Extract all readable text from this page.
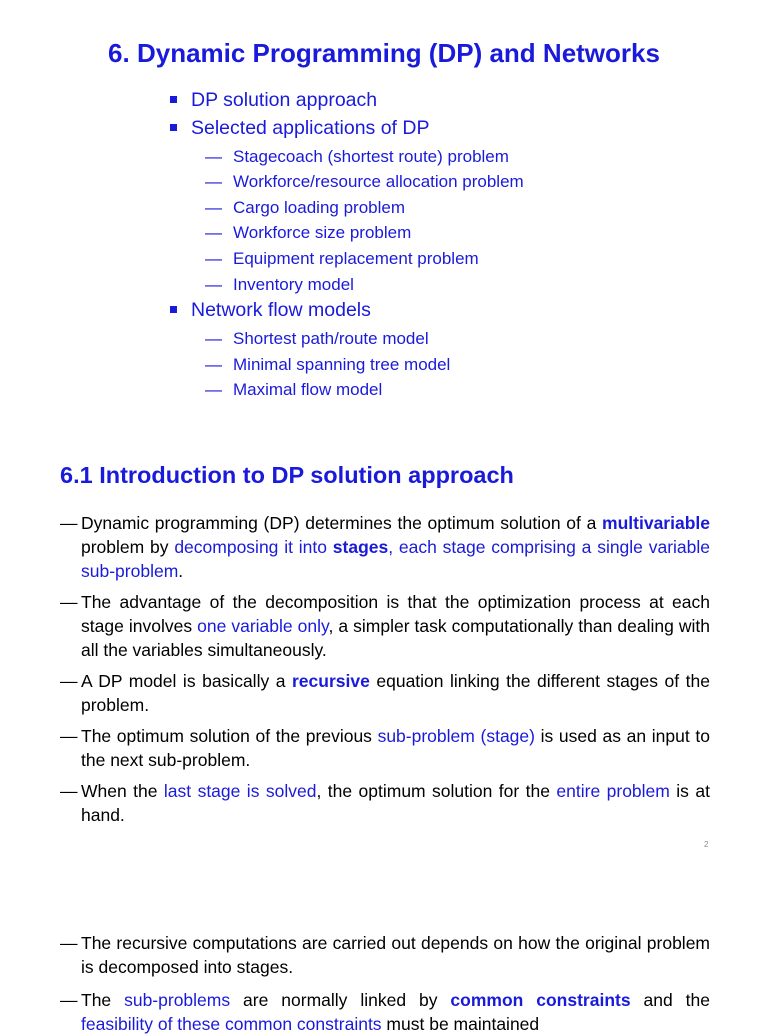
6. Dynamic Programming (DP) and Networks
DP solution approach
Selected applications of DP
— Stagecoach (shortest route) problem
— Workforce/resource allocation problem
— Cargo loading problem
— Workforce size problem
— Equipment replacement problem
— Inventory model
Network flow models
— Shortest path/route model
— Minimal spanning tree model
— Maximal flow model
6.1 Introduction to DP solution approach
— Dynamic programming (DP) determines the optimum solution of a multivariable problem by decomposing it into stages, each stage comprising a single variable sub-problem.
— The advantage of the decomposition is that the optimization process at each stage involves one variable only, a simpler task computationally than dealing with all the variables simultaneously.
— A DP model is basically a recursive equation linking the different stages of the problem.
— The optimum solution of the previous sub-problem (stage) is used as an input to the next sub-problem.
— When the last stage is solved, the optimum solution for the entire problem is at hand.
2
— The recursive computations are carried out depends on how the original problem is decomposed into stages.
— The sub-problems are normally linked by common constraints and the feasibility of these common constraints must be maintained
